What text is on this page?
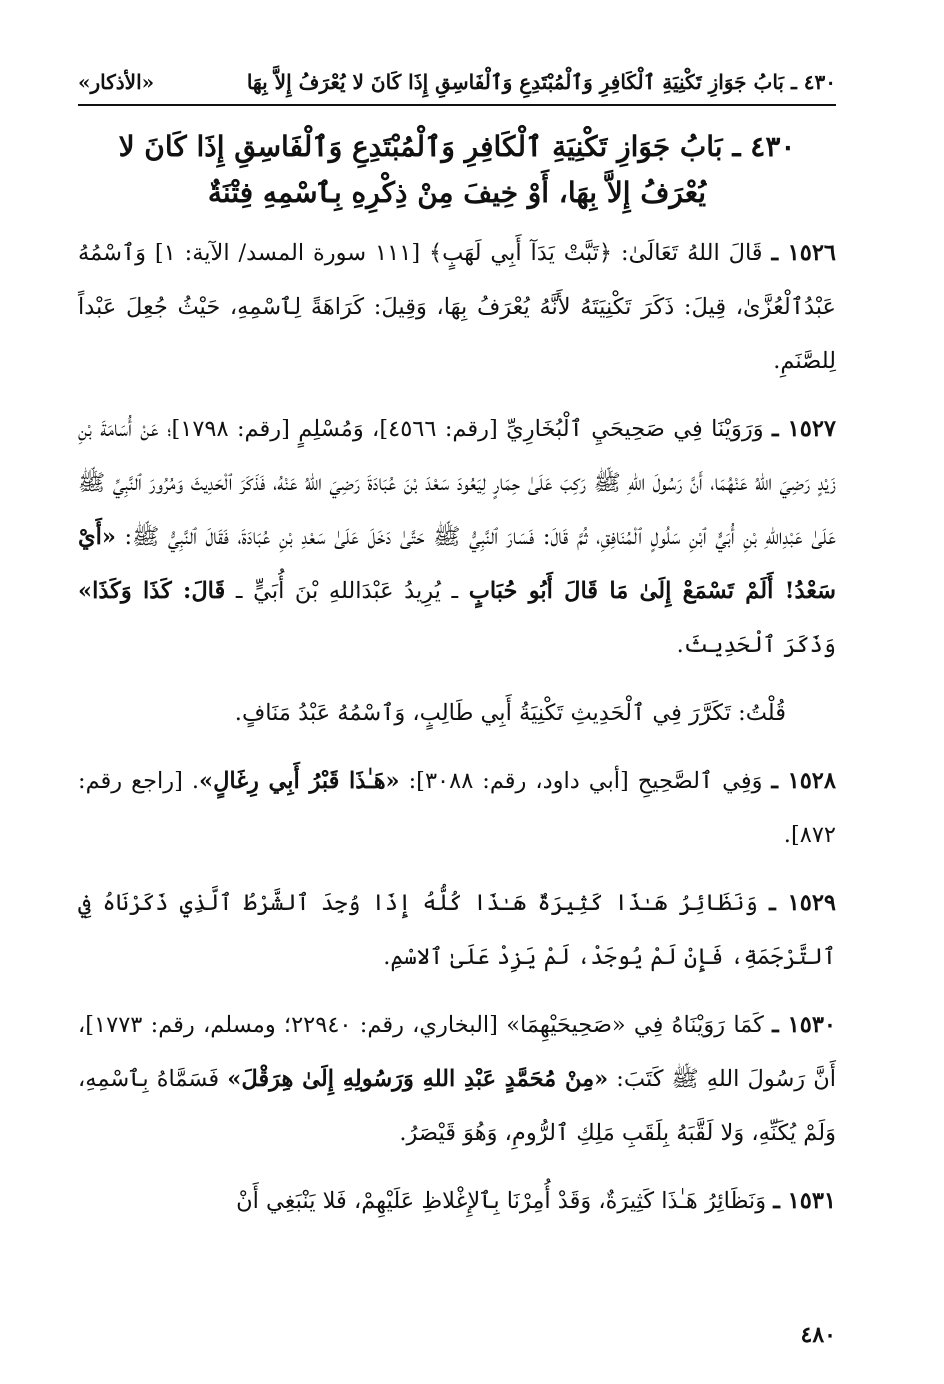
٤٣٠ ـ بَابُ جَوَازِ تَكْنِيَةِ ٱلْكَافِرِ وَٱلْمُبْتَدِعِ وَٱلْفَاسِقِ إِذَا كَانَ لا يُعْرَفُ إِلاَّ بِهَا
«الأذكار»
٤٣٠ ـ بَابُ جَوَازِ تَكْنِيَةِ ٱلْكَافِرِ وَٱلْمُبْتَدِعِ وَٱلْفَاسِقِ إِذَا كَانَ لا يُعْرَفُ إِلاَّ بِهَا، أَوْ خِيفَ مِنْ ذِكْرِهِ بِٱسْمِهِ فِتْنَةٌ

١٥٢٦ ـ قَالَ اللهُ تَعَالَىٰ: ﴿تَبَّتْ يَدَآ أَبِي لَهَبٍ﴾ [١١١ سورة المسد/ الآية: ١] وَٱسْمُهُ عَبْدُٱلْعُزَّىٰ، قِيلَ: ذَكَرَ تَكْنِيَتَهُ لأَنَّهُ يُعْرَفُ بِهَا، وَقِيلَ: كَرَاهَةً لِٱسْمِهِ، حَيْثُ جُعِلَ عَبْداً لِلصَّنَمِ.

١٥٢٧ ـ وَرَوَيْنَا فِي صَحِيحَيِ ٱلْبُخَارِيِّ [رقم: ٤٥٦٦]، وَمُسْلِمٍ [رقم: ١٧٩٨]؛ عَنْ أُسَامَةَ بْنِ زَيْدٍ رَضِيَ اللهُ عَنْهُمَا، أَنَّ رَسُولَ اللهِ ﷺ رَكِبَ عَلَىٰ حِمَارٍ لِيَعُودَ سَعْدَ بْنَ عُبَادَةَ رَضِيَ اللهُ عَنْهُ، فَذَكَرَ ٱلْحَدِيثَ وَمُرُورَ ٱلنَّبِيِّ ﷺ عَلَىٰ عَبْدِاللهِ بْنِ أُبَيٍّ ٱبْنِ سَلُولٍ ٱلْمُنَافِقِ، ثُمَّ قَالَ: فَسَارَ ٱلنَّبِيُّ ﷺ حَتَّىٰ دَخَلَ عَلَىٰ سَعْدِ بْنِ عُبَادَةَ، فَقَالَ ٱلنَّبِيُّ ﷺ: «أَيْ سَعْدُ! أَلَمْ تَسْمَعْ إِلَىٰ مَا قَالَ أَبُو حُبَابٍ ـ يُرِيدُ عَبْدَاللهِ بْنَ أُبَيٍّ ـ قَالَ: كَذَا وَكَذَا» وَذَكَرَ ٱلْحَدِيثَ.

قُلْتُ: تَكَرَّرَ فِي ٱلْحَدِيثِ تَكْنِيَةُ أَبِي طَالِبٍ، وَٱسْمُهُ عَبْدُ مَنَافٍ.

١٥٢٨ ـ وَفِي ٱلصَّحِيحِ [أبي داود، رقم: ٣٠٨٨]: «هَـٰذَا قَبْرُ أَبِي رِغَالٍ». [راجع رقم: ٨٧٢].

١٥٢٩ ـ وَنَظَائِرُ هَـٰذَا كَثِيرَةٌ هَـٰذَا كُلُّهُ إِذَا وُجِدَ ٱلشَّرْطُ ٱلَّذِي ذَكَرْنَاهُ فِي ٱلتَّرْجَمَةِ، فَإِنْ لَمْ يُوجَدْ، لَمْ يَزِدْ عَلَىٰ ٱلاسْمِ.

١٥٣٠ ـ كَمَا رَوَيْنَاهُ فِي «صَحِيحَيْهِمَا» [البخاري، رقم: ٢٢٩٤٠؛ ومسلم، رقم: ١٧٧٣]، أَنَّ رَسُولَ اللهِ ﷺ كَتَبَ: «مِنْ مُحَمَّدٍ عَبْدِ اللهِ وَرَسُولِهِ إِلَىٰ هِرَقْلَ» فَسَمَّاهُ بِٱسْمِهِ، وَلَمْ يُكَنِّهِ، وَلا لَقَّبَهُ بِلَقَبِ مَلِكِ ٱلرُّومِ، وَهُوَ قَيْصَرُ.

١٥٣١ ـ وَنَظَائِرُ هَـٰذَا كَثِيرَةٌ، وَقَدْ أُمِرْنَا بِٱلإِغْلاظِ عَلَيْهِمْ، فَلا يَنْبَغِي أَنْ

٤٨٠
